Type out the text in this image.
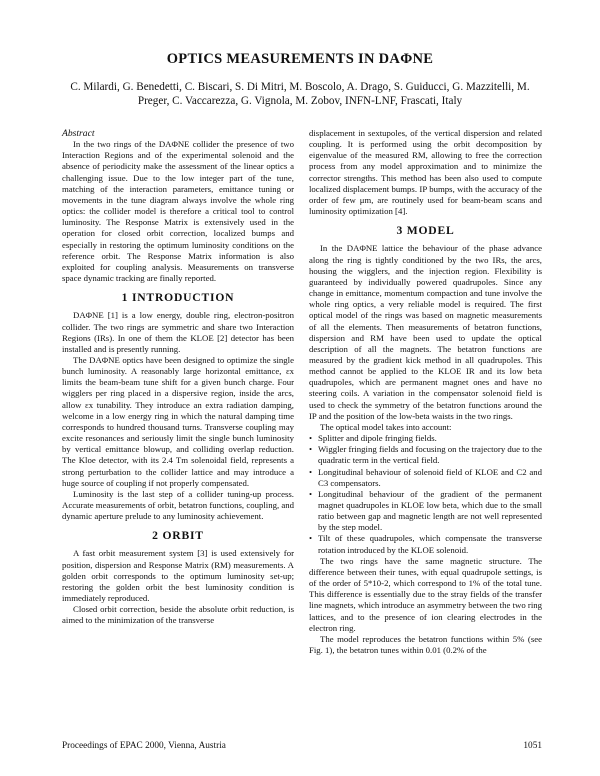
OPTICS MEASUREMENTS IN DAΦNE
C. Milardi, G. Benedetti, C. Biscari, S. Di Mitri, M. Boscolo, A. Drago, S. Guiducci, G. Mazzitelli, M. Preger, C. Vaccarezza, G. Vignola, M. Zobov, INFN-LNF, Frascati, Italy

Abstract

In the two rings of the DAΦNE collider the presence of two Interaction Regions and of the experimental solenoid and the absence of periodicity make the assessment of the linear optics a challenging issue. Due to the low integer part of the tune, matching of the interaction parameters, emittance tuning or movements in the tune diagram always involve the whole ring optics: the collider model is therefore a critical tool to control luminosity. The Response Matrix is extensively used in the operation for closed orbit correction, localized bumps and especially in restoring the optimum luminosity conditions on the reference orbit. The Response Matrix information is also exploited for coupling analysis. Measurements on transverse space dynamic tracking are finally reported.

1 INTRODUCTION

DAΦNE [1] is a low energy, double ring, electron-positron collider. The two rings are symmetric and share two Interaction Regions (IRs). In one of them the KLOE [2] detector has been installed and is presently running.

The DAΦNE optics have been designed to optimize the single bunch luminosity. A reasonably large horizontal emittance, εx limits the beam-beam tune shift for a given bunch charge. Four wigglers per ring placed in a dispersive region, inside the arcs, allow εx tunability. They introduce an extra radiation damping, welcome in a low energy ring in which the natural damping time corresponds to hundred thousand turns. Transverse coupling may excite resonances and seriously limit the single bunch luminosity by vertical emittance blowup, and colliding overlap reduction. The Kloe detector, with its 2.4 Tm solenoidal field, represents a strong perturbation to the collider lattice and may introduce a huge source of coupling if not properly compensated.

Luminosity is the last step of a collider tuning-up process. Accurate measurements of orbit, betatron functions, coupling, and dynamic aperture prelude to any luminosity achievement.

2 ORBIT

A fast orbit measurement system [3] is used extensively for position, dispersion and Response Matrix (RM) measurements. A golden orbit corresponds to the optimum luminosity set-up; restoring the golden orbit the best luminosity condition is immediately reproduced.

Closed orbit correction, beside the absolute orbit reduction, is aimed to the minimization of the transverse

displacement in sextupoles, of the vertical dispersion and related coupling. It is performed using the orbit decomposition by eigenvalue of the measured RM, allowing to free the correction process from any model approximation and to minimize the corrector strengths. This method has been also used to compute localized displacement bumps. IP bumps, with the accuracy of the order of few μm, are routinely used for beam-beam scans and luminosity optimization [4].

3 MODEL

In the DAΦNE lattice the behaviour of the phase advance along the ring is tightly conditioned by the two IRs, the arcs, housing the wigglers, and the injection region. Flexibility is guaranteed by individually powered quadrupoles. Since any change in emittance, momentum compaction and tune involve the whole ring optics, a very reliable model is required. The first optical model of the rings was based on magnetic measurements of all the elements. Then measurements of betatron functions, dispersion and RM have been used to update the optical description of all the magnets. The betatron functions are measured by the gradient kick method in all quadrupoles. This method cannot be applied to the KLOE IR and its low beta quadrupoles, which are permanent magnet ones and have no steering coils. A variation in the compensator solenoid field is used to check the symmetry of the betatron functions around the IP and the position of the low-beta waists in the two rings.

The optical model takes into account:

• Splitter and dipole fringing fields.
• Wiggler fringing fields and focusing on the trajectory due to the quadratic term in the vertical field.
• Longitudinal behaviour of solenoid field of KLOE and C2 and C3 compensators.
• Longitudinal behaviour of the gradient of the permanent magnet quadrupoles in KLOE low beta, which due to the small ratio between gap and magnetic length are not well represented by the step model.
• Tilt of these quadrupoles, which compensate the transverse rotation introduced by the KLOE solenoid.

The two rings have the same magnetic structure. The difference between their tunes, with equal quadrupole settings, is of the order of 5*10-2, which correspond to 1% of the total tune. This difference is essentially due to the stray fields of the transfer line magnets, which introduce an asymmetry between the two ring lattices, and to the presence of ion clearing electrodes in the electron ring.

The model reproduces the betatron functions within 5% (see Fig. 1), the betatron tunes within 0.01 (0.2% of the

Proceedings of EPAC 2000, Vienna, Austria	1051
